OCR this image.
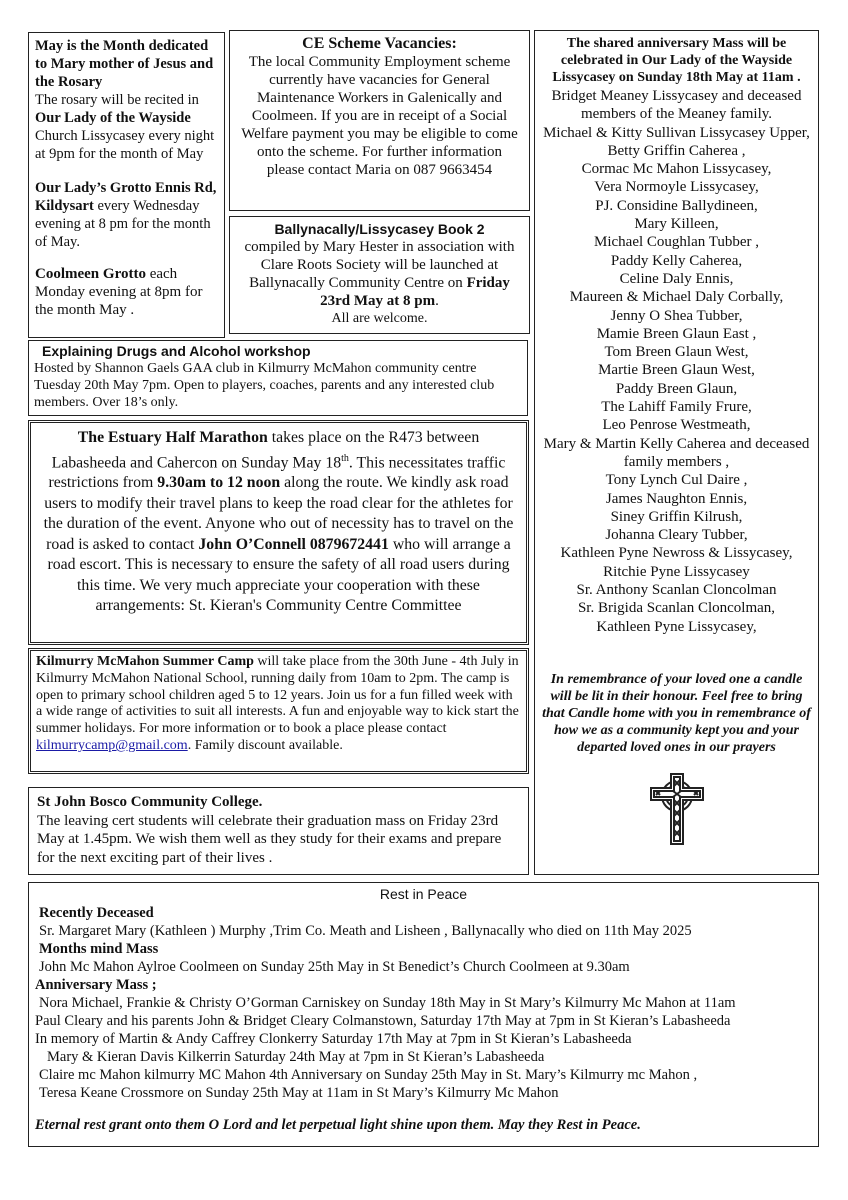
May is the Month dedicated to Mary mother of Jesus and the Rosary

The rosary will be recited in Our Lady of the Wayside Church Lissycasey every night at 9pm for the month of May

Our Lady’s Grotto Ennis Rd, Kildysart every Wednesday evening at 8 pm for the month of May.

Coolmeen Grotto each Monday evening at 8pm for the month May .

CE Scheme Vacancies:

The local Community Employment scheme currently have vacancies for General Maintenance Workers in Galenically and Coolmeen. If you are in receipt of a Social Welfare payment you may be eligible to come onto the scheme. For further information please contact Maria on 087 9663454

Ballynacally/Lissycasey Book 2

compiled by Mary Hester in association with Clare Roots Society will be launched at Ballynacally Community Centre on Friday 23rd May at 8 pm.

All are welcome.

Explaining Drugs and Alcohol workshop

Hosted by Shannon Gaels GAA club in Kilmurry McMahon community centre Tuesday 20th May 7pm. Open to players, coaches, parents and any interested club members. Over 18’s only.

The Estuary Half Marathon takes place on the R473 between Labasheeda and Cahercon on Sunday May 18th. This necessitates traffic restrictions from 9.30am to 12 noon along the route. We kindly ask road users to modify their travel plans to keep the road clear for the athletes for the duration of the event. Anyone who out of necessity has to travel on the road is asked to contact John O’Connell 0879672441 who will arrange a road escort. This is necessary to ensure the safety of all road users during this time. We very much appreciate your cooperation with these arrangements: St. Kieran's Community Centre Committee

Kilmurry McMahon Summer Camp will take place from the 30th June - 4th July in Kilmurry McMahon National School, running daily from 10am to 2pm. The camp is open to primary school children aged 5 to 12 years. Join us for a fun filled week with a wide range of activities to suit all interests. A fun and enjoyable way to kick start the summer holidays. For more information or to book a place please contact kilmurrycamp@gmail.com. Family discount available.

St John Bosco Community College.

The leaving cert students will celebrate their graduation mass on Friday 23rd May at 1.45pm. We wish them well as they study for their exams and prepare for the next exciting part of their lives .

The shared anniversary Mass will be celebrated in Our Lady of the Wayside Lissycasey on Sunday 18th May at 11am .

Bridget Meaney Lissycasey and deceased members of the Meaney family.

Michael & Kitty Sullivan Lissycasey Upper,

Betty Griffin Caherea ,

Cormac Mc Mahon Lissycasey,

Vera Normoyle Lissycasey,

PJ. Considine Ballydineen,

Mary Killeen,

Michael Coughlan Tubber ,

Paddy Kelly Caherea,

Celine Daly Ennis,

Maureen & Michael Daly Corbally,

Jenny O Shea Tubber,

Mamie Breen Glaun East ,

Tom Breen Glaun West,

Martie Breen Glaun West,

Paddy Breen Glaun,

The Lahiff Family Frure,

Leo Penrose Westmeath,

Mary & Martin Kelly Caherea and deceased family members ,

Tony Lynch Cul Daire ,

James Naughton Ennis,

Siney Griffin Kilrush,

Johanna Cleary Tubber,

Kathleen Pyne Newross & Lissycasey,

Ritchie Pyne Lissycasey

Sr. Anthony Scanlan Cloncolman

Sr. Brigida Scanlan Cloncolman,

Kathleen Pyne Lissycasey,

In remembrance of your loved one a candle will be lit in their honour. Feel free to bring that Candle home with you in remembrance of how we as a community kept you and your departed loved ones in our prayers

Rest in Peace

Recently Deceased

Sr. Margaret Mary (Kathleen ) Murphy ,Trim Co. Meath and Lisheen , Ballynacally who died on 11th May 2025

Months mind Mass

John Mc Mahon Aylroe Coolmeen on Sunday 25th May in St Benedict’s Church Coolmeen at 9.30am

Anniversary Mass ;

Nora Michael, Frankie & Christy O’Gorman Carniskey on Sunday 18th May in St Mary’s Kilmurry Mc Mahon at 11am

Paul Cleary and his parents John & Bridget Cleary Colmanstown, Saturday 17th May at 7pm in St Kieran’s Labasheeda

In memory of Martin & Andy Caffrey Clonkerry Saturday 17th May at 7pm in St Kieran’s Labasheeda

Mary & Kieran Davis Kilkerrin Saturday 24th May at 7pm in St Kieran’s Labasheeda

Claire mc Mahon kilmurry MC Mahon 4th Anniversary on Sunday 25th May in St. Mary’s Kilmurry mc Mahon ,

Teresa Keane Crossmore on Sunday 25th May at 11am in St Mary’s Kilmurry Mc Mahon

Eternal rest grant onto them O Lord and let perpetual light shine upon them. May they Rest in Peace.
